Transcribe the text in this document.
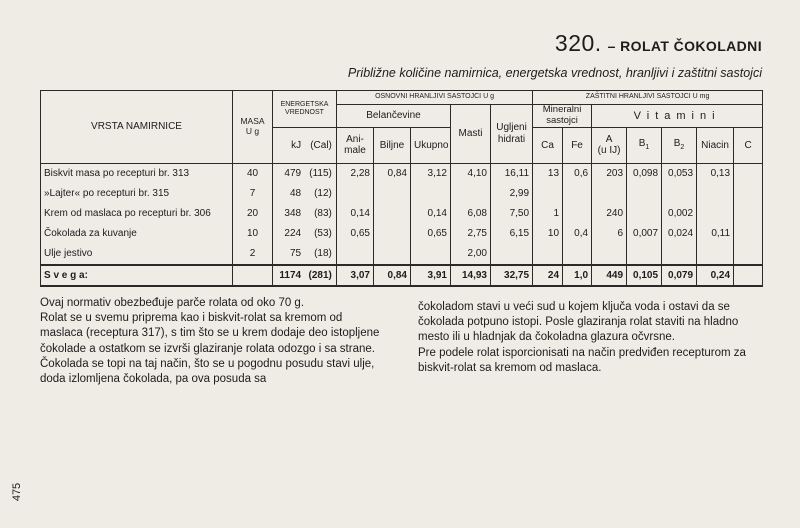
320. – ROLAT ČOKOLADNI
Približne količine namirnica, energetska vrednost, hranljivi i zaštitni sastojci
VRSTA NAMIRNICE	MASA
U g	ENERGETSKA VREDNOST	OSNOVNI HRANLJIVI SASTOJCI U g					ZAŠTITNI HRANLJIVI SASTOJCI U mg						
			Belančevine			Masti	Ugljeni hidrati	Mineralni sastojci		Vitamini				

		kJ (Cal)	Ani-male	Biljne	Ukupno			Ca	Fe	A
(u IJ)	$B_1$	$B_2$	Niacin	C
Biskvit masa po recepturi br. 313	40	479 (115)	2,28	0,84	3,12	4,10	16,11	13	0,6	203	0,098	0,053	0,13	
»Lajter« po recepturi br. 315	7	48 (12)					2,99							
Krem od maslaca po recepturi br. 306	20	348 (83)	0,14		0,14	6,08	7,50	1		240		0,002		
Čokolada za kuvanje	10	224 (53)	0,65		0,65	2,75	6,15	10	0,4	6	0,007	0,024	0,11	
Ulje jestivo	2	75 (18)				2,00								
S v e g a:		1174 (281)	3,07	0,84	3,91	14,93	32,75	24	1,0	449	0,105	0,079	0,24	

Ovaj normativ obezbeđuje parče rolata od oko 70 g.

Rolat se u svemu pripremа kao i biskvit-rolat sa kremom od maslaca (recepturа 317), s tim što se u krem dodaje deo istopljene čokolade a ostatkom se izvrši glaziranje rolata odozgo i sa strane. Čokolada se topi na taj način, što se u pogodnu posudu stavi ulje, doda izlomljena čokolada, pa ova posuda sa

čokoladom stavi u veći sud u kojem ključa voda i ostavi da se čokolada potpuno istopi. Posle glaziranja rolat staviti na hladno mesto ili u hladnjak da čokoladna glazura očvrsne.

Pre podele rolat isporcionisati na način predviđen recepturom za biskvit-rolat sa kremom od maslaca.

475
